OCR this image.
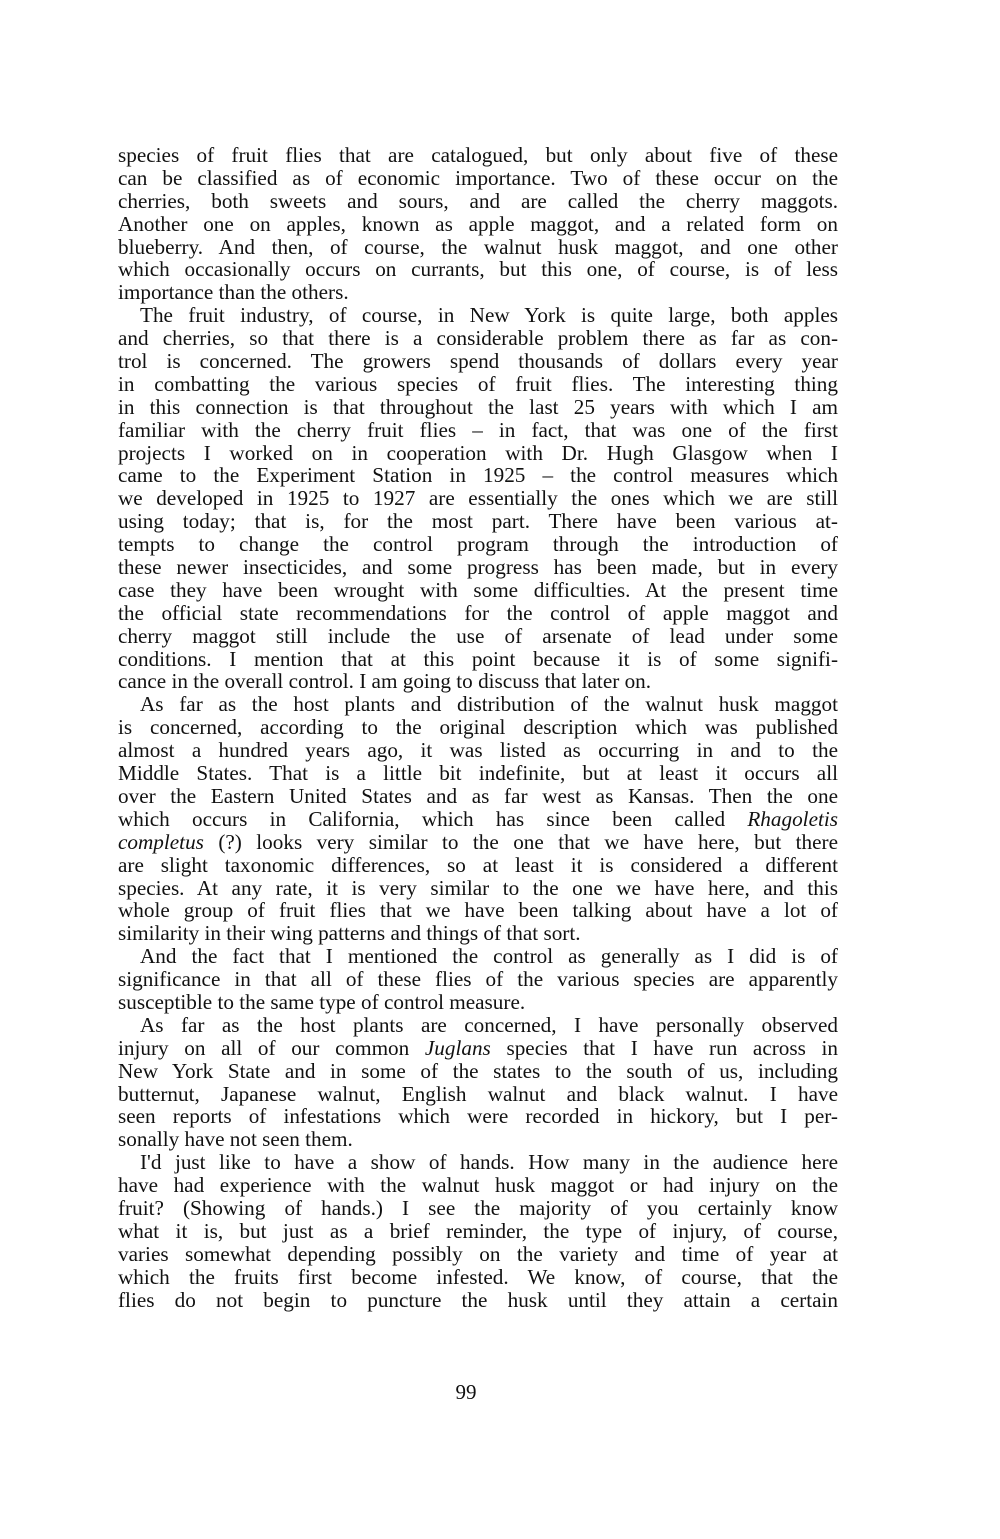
species of fruit flies that are catalogued, but only about five of these
can be classified as of economic importance. Two of these occur on the
cherries, both sweets and sours, and are called the cherry maggots.
Another one on apples, known as apple maggot, and a related form on
blueberry. And then, of course, the walnut husk maggot, and one other
which occasionally occurs on currants, but this one, of course, is of less
importance than the others.
The fruit industry, of course, in New York is quite large, both apples
and cherries, so that there is a considerable problem there as far as con-
trol is concerned. The growers spend thousands of dollars every year
in combatting the various species of fruit flies. The interesting thing
in this connection is that throughout the last 25 years with which I am
familiar with the cherry fruit flies – in fact, that was one of the first
projects I worked on in cooperation with Dr. Hugh Glasgow when I
came to the Experiment Station in 1925 – the control measures which
we developed in 1925 to 1927 are essentially the ones which we are still
using today; that is, for the most part. There have been various at-
tempts to change the control program through the introduction of
these newer insecticides, and some progress has been made, but in every
case they have been wrought with some difficulties. At the present time
the official state recommendations for the control of apple maggot and
cherry maggot still include the use of arsenate of lead under some
conditions. I mention that at this point because it is of some signifi-
cance in the overall control. I am going to discuss that later on.
As far as the host plants and distribution of the walnut husk maggot
is concerned, according to the original description which was published
almost a hundred years ago, it was listed as occurring in and to the
Middle States. That is a little bit indefinite, but at least it occurs all
over the Eastern United States and as far west as Kansas. Then the one
which occurs in California, which has since been called Rhagoletis
completus (?) looks very similar to the one that we have here, but there
are slight taxonomic differences, so at least it is considered a different
species. At any rate, it is very similar to the one we have here, and this
whole group of fruit flies that we have been talking about have a lot of
similarity in their wing patterns and things of that sort.
And the fact that I mentioned the control as generally as I did is of
significance in that all of these flies of the various species are apparently
susceptible to the same type of control measure.
As far as the host plants are concerned, I have personally observed
injury on all of our common Juglans species that I have run across in
New York State and in some of the states to the south of us, including
butternut, Japanese walnut, English walnut and black walnut. I have
seen reports of infestations which were recorded in hickory, but I per-
sonally have not seen them.
I'd just like to have a show of hands. How many in the audience here
have had experience with the walnut husk maggot or had injury on the
fruit? (Showing of hands.) I see the majority of you certainly know
what it is, but just as a brief reminder, the type of injury, of course,
varies somewhat depending possibly on the variety and time of year at
which the fruits first become infested. We know, of course, that the
flies do not begin to puncture the husk until they attain a certain
99
